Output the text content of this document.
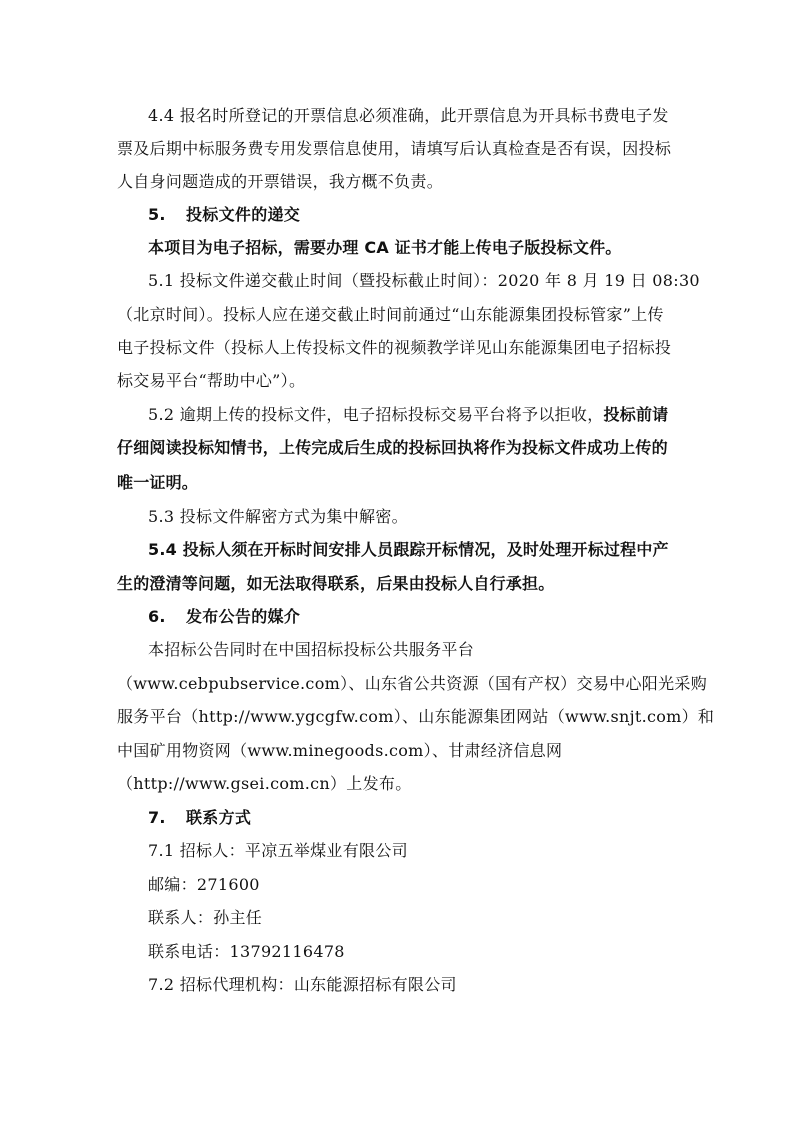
4.4 报名时所登记的开票信息必须准确，此开票信息为开具标书费电子发
票及后期中标服务费专用发票信息使用，请填写后认真检查是否有误，因投标
人自身问题造成的开票错误，我方概不负责。
5. 投标文件的递交
本项目为电子招标，需要办理 CA 证书才能上传电子版投标文件。
5.1 投标文件递交截止时间（暨投标截止时间）：2020 年 8 月 19 日 08:30
（北京时间）。投标人应在递交截止时间前通过“山东能源集团投标管家”上传
电子投标文件（投标人上传投标文件的视频教学详见山东能源集团电子招标投
标交易平台“帮助中心”）。
5.2 逾期上传的投标文件，电子招标投标交易平台将予以拒收，投标前请
仔细阅读投标知情书，上传完成后生成的投标回执将作为投标文件成功上传的
唯一证明。
5.3 投标文件解密方式为集中解密。
5.4 投标人须在开标时间安排人员跟踪开标情况，及时处理开标过程中产
生的澄清等问题，如无法取得联系，后果由投标人自行承担。
6. 发布公告的媒介
本招标公告同时在中国招标投标公共服务平台
（www.cebpubservice.com）、山东省公共资源（国有产权）交易中心阳光采购
服务平台（http://www.ygcgfw.com）、山东能源集团网站（www.snjt.com）和
中国矿用物资网（www.minegoods.com）、甘肃经济信息网
（http://www.gsei.com.cn）上发布。
7. 联系方式
7.1 招标人：平凉五举煤业有限公司
邮编：271600
联系人：孙主任
联系电话：13792116478
7.2 招标代理机构：山东能源招标有限公司
